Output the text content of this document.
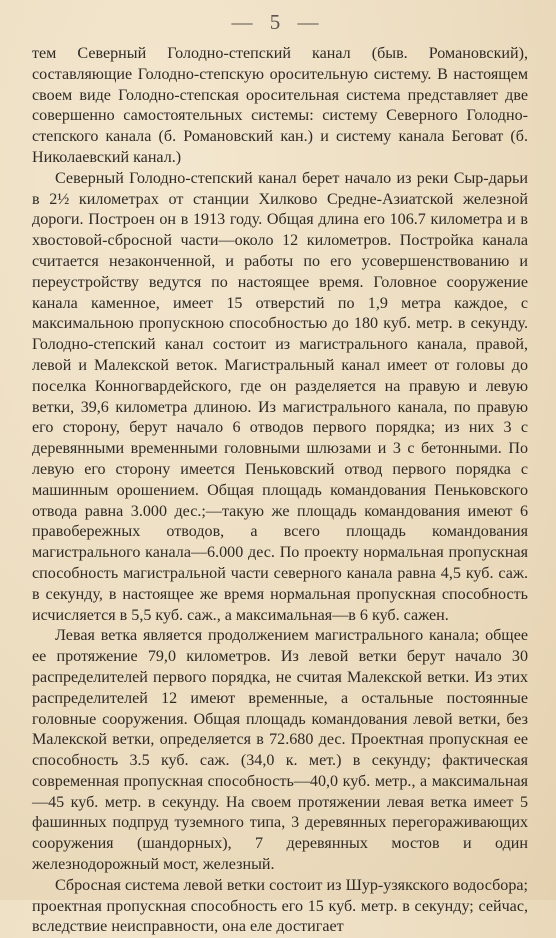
— 5 —

тем Северный Голодно-степский канал (быв. Романовский), составляющие Голодно-степскую оросительную систему. В настоящем своем виде Голодно-степская оросительная система представляет две совершенно самостоятельных системы: систему Северного Голодно-степского канала (б. Романовский кан.) и систему канала Беговат (б. Николаевский канал.)

Северный Голодно-степский канал берет начало из реки Сыр-дарьи в 2½ километрах от станции Хилково Средне-Азиатской железной дороги. Построен он в 1913 году. Общая длина его 106.7 километра и в хвостовой-сбросной части—около 12 километров. Постройка канала считается незаконченной, и работы по его усовершенствованию и переустройству ведутся по настоящее время. Головное сооружение канала каменное, имеет 15 отверстий по 1,9 метра каждое, с максимальною пропускною способностью до 180 куб. метр. в секунду. Голодно-степский канал состоит из магистрального канала, правой, левой и Малекской веток. Магистральный канал имеет от головы до поселка Конногвардейского, где он разделяется на правую и левую ветки, 39,6 километра длиною. Из магистрального канала, по правую его сторону, берут начало 6 отводов первого порядка; из них 3 с деревянными временными головными шлюзами и 3 с бетонными. По левую его сторону имеется Пеньковский отвод первого порядка с машинным орошением. Общая площадь командования Пеньковского отвода равна 3.000 дес.;—такую же площадь командования имеют 6 правобережных отводов, а всего площадь командования магистрального канала—6.000 дес. По проекту нормальная пропускная способность магистральной части северного канала равна 4,5 куб. саж. в секунду, в настоящее же время нормальная пропускная способность исчисляется в 5,5 куб. саж., а максимальная—в 6 куб. сажен.

Левая ветка является продолжением магистрального канала; общее ее протяжение 79,0 километров. Из левой ветки берут начало 30 распределителей первого порядка, не считая Малекской ветки. Из этих распределителей 12 имеют временные, а остальные постоянные головные сооружения. Общая площадь командования левой ветки, без Малекской ветки, определяется в 72.680 дес. Проектная пропускная ее способность 3.5 куб. саж. (34,0 к. мет.) в секунду; фактическая современная пропускная способность—40,0 куб. метр., а максимальная—45 куб. метр. в секунду. На своем протяжении левая ветка имеет 5 фашинных подпруд туземного типа, 3 деревянных перегораживающих сооружения (шандорных), 7 деревянных мостов и один железнодорожный мост, железный.

Сбросная система левой ветки состоит из Шур-узякского водосбора; проектная пропускная способность его 15 куб. метр. в секунду; сейчас, вследствие неисправности, она еле достигает
